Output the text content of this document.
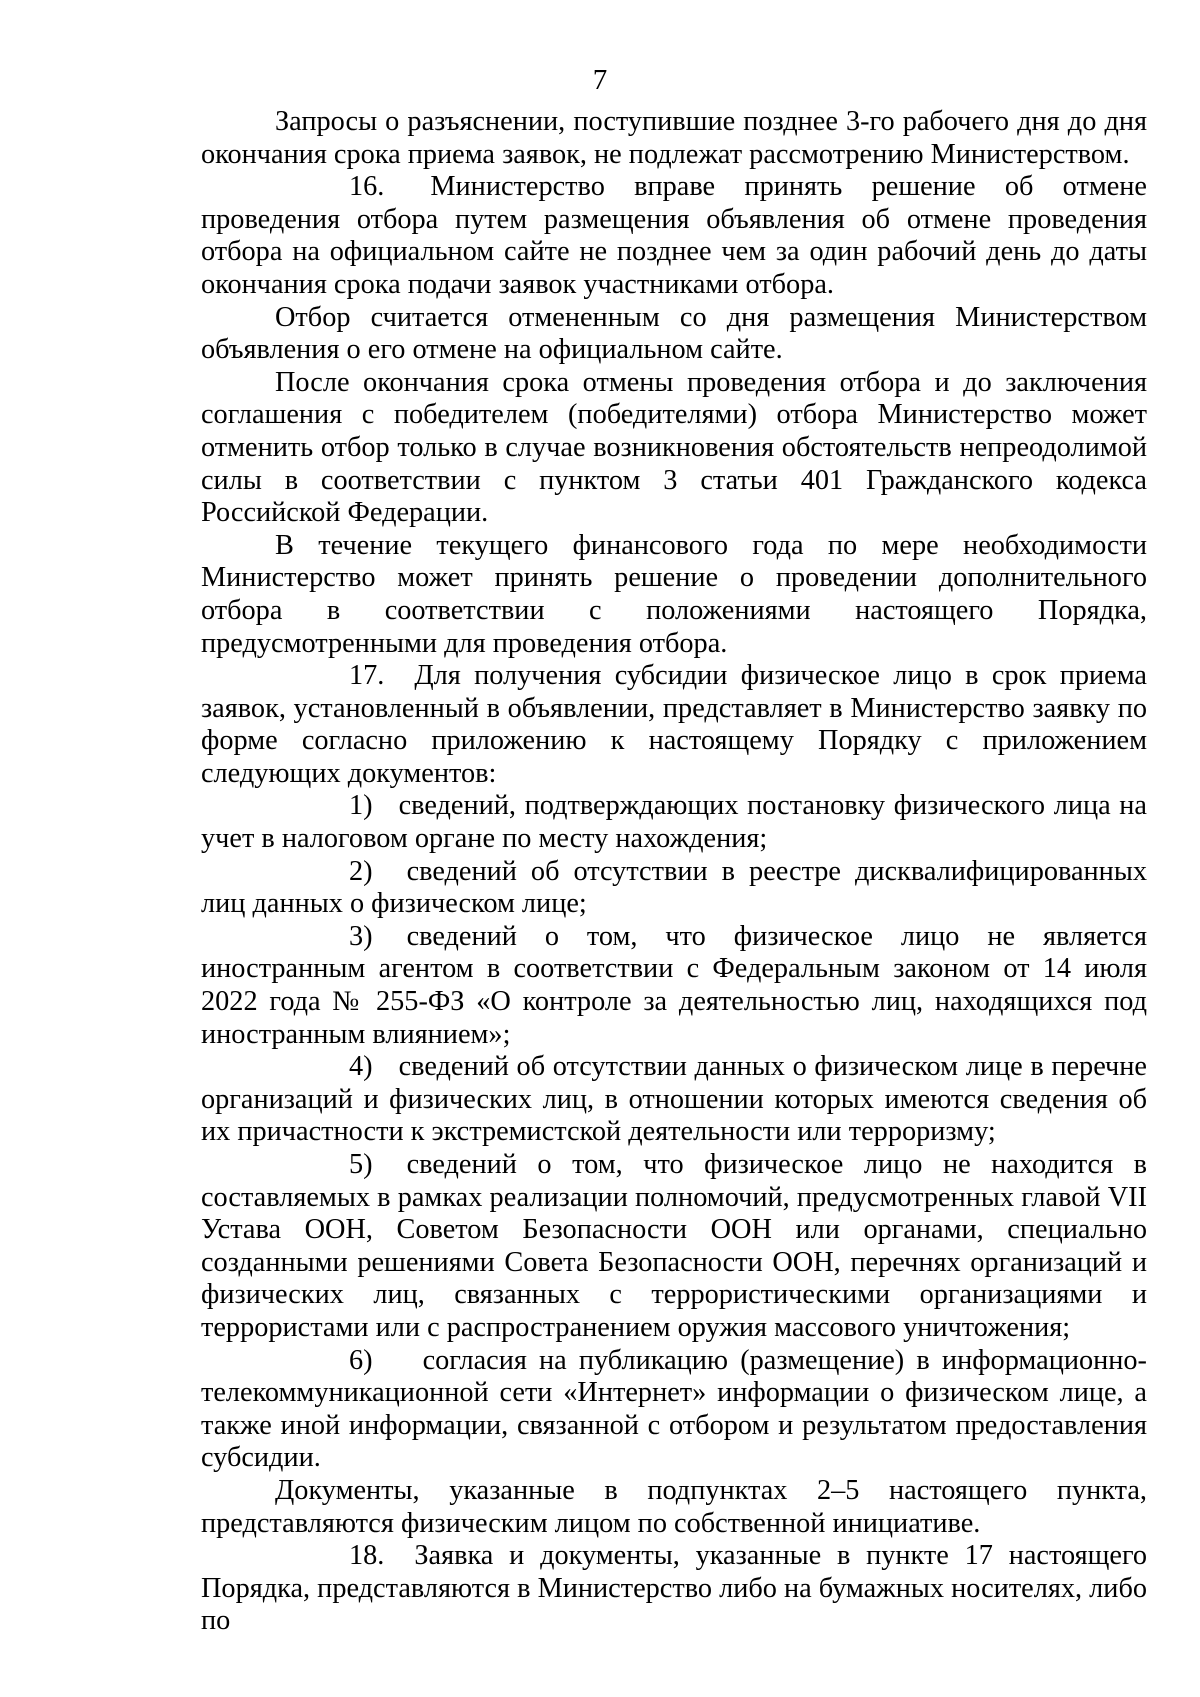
7

Запросы о разъяснении, поступившие позднее 3-го рабочего дня до дня окончания срока приема заявок, не подлежат рассмотрению Министерством.

16. Министерство вправе принять решение об отмене проведения отбора путем размещения объявления об отмене проведения отбора на официальном сайте не позднее чем за один рабочий день до даты окончания срока подачи заявок участниками отбора.

Отбор считается отмененным со дня размещения Министерством объявления о его отмене на официальном сайте.

После окончания срока отмены проведения отбора и до заключения соглашения с победителем (победителями) отбора Министерство может отменить отбор только в случае возникновения обстоятельств непреодолимой силы в соответствии с пунктом 3 статьи 401 Гражданского кодекса Российской Федерации.

В течение текущего финансового года по мере необходимости Министерство может принять решение о проведении дополнительного отбора в соответствии с положениями настоящего Порядка, предусмотренными для проведения отбора.

17. Для получения субсидии физическое лицо в срок приема заявок, установленный в объявлении, представляет в Министерство заявку по форме согласно приложению к настоящему Порядку с приложением следующих документов:

1) сведений, подтверждающих постановку физического лица на учет в налоговом органе по месту нахождения;

2) сведений об отсутствии в реестре дисквалифицированных лиц данных о физическом лице;

3) сведений о том, что физическое лицо не является иностранным агентом в соответствии с Федеральным законом от 14 июля 2022 года № 255-ФЗ «О контроле за деятельностью лиц, находящихся под иностранным влиянием»;

4) сведений об отсутствии данных о физическом лице в перечне организаций и физических лиц, в отношении которых имеются сведения об их причастности к экстремистской деятельности или терроризму;

5) сведений о том, что физическое лицо не находится в составляемых в рамках реализации полномочий, предусмотренных главой VII Устава ООН, Советом Безопасности ООН или органами, специально созданными решениями Совета Безопасности ООН, перечнях организаций и физических лиц, связанных с террористическими организациями и террористами или с распространением оружия массового уничтожения;

6) согласия на публикацию (размещение) в информационно-телекоммуникационной сети «Интернет» информации о физическом лице, а также иной информации, связанной с отбором и результатом предоставления субсидии.

Документы, указанные в подпунктах 2–5 настоящего пункта, представляются физическим лицом по собственной инициативе.

18. Заявка и документы, указанные в пункте 17 настоящего Порядка, представляются в Министерство либо на бумажных носителях, либо по
